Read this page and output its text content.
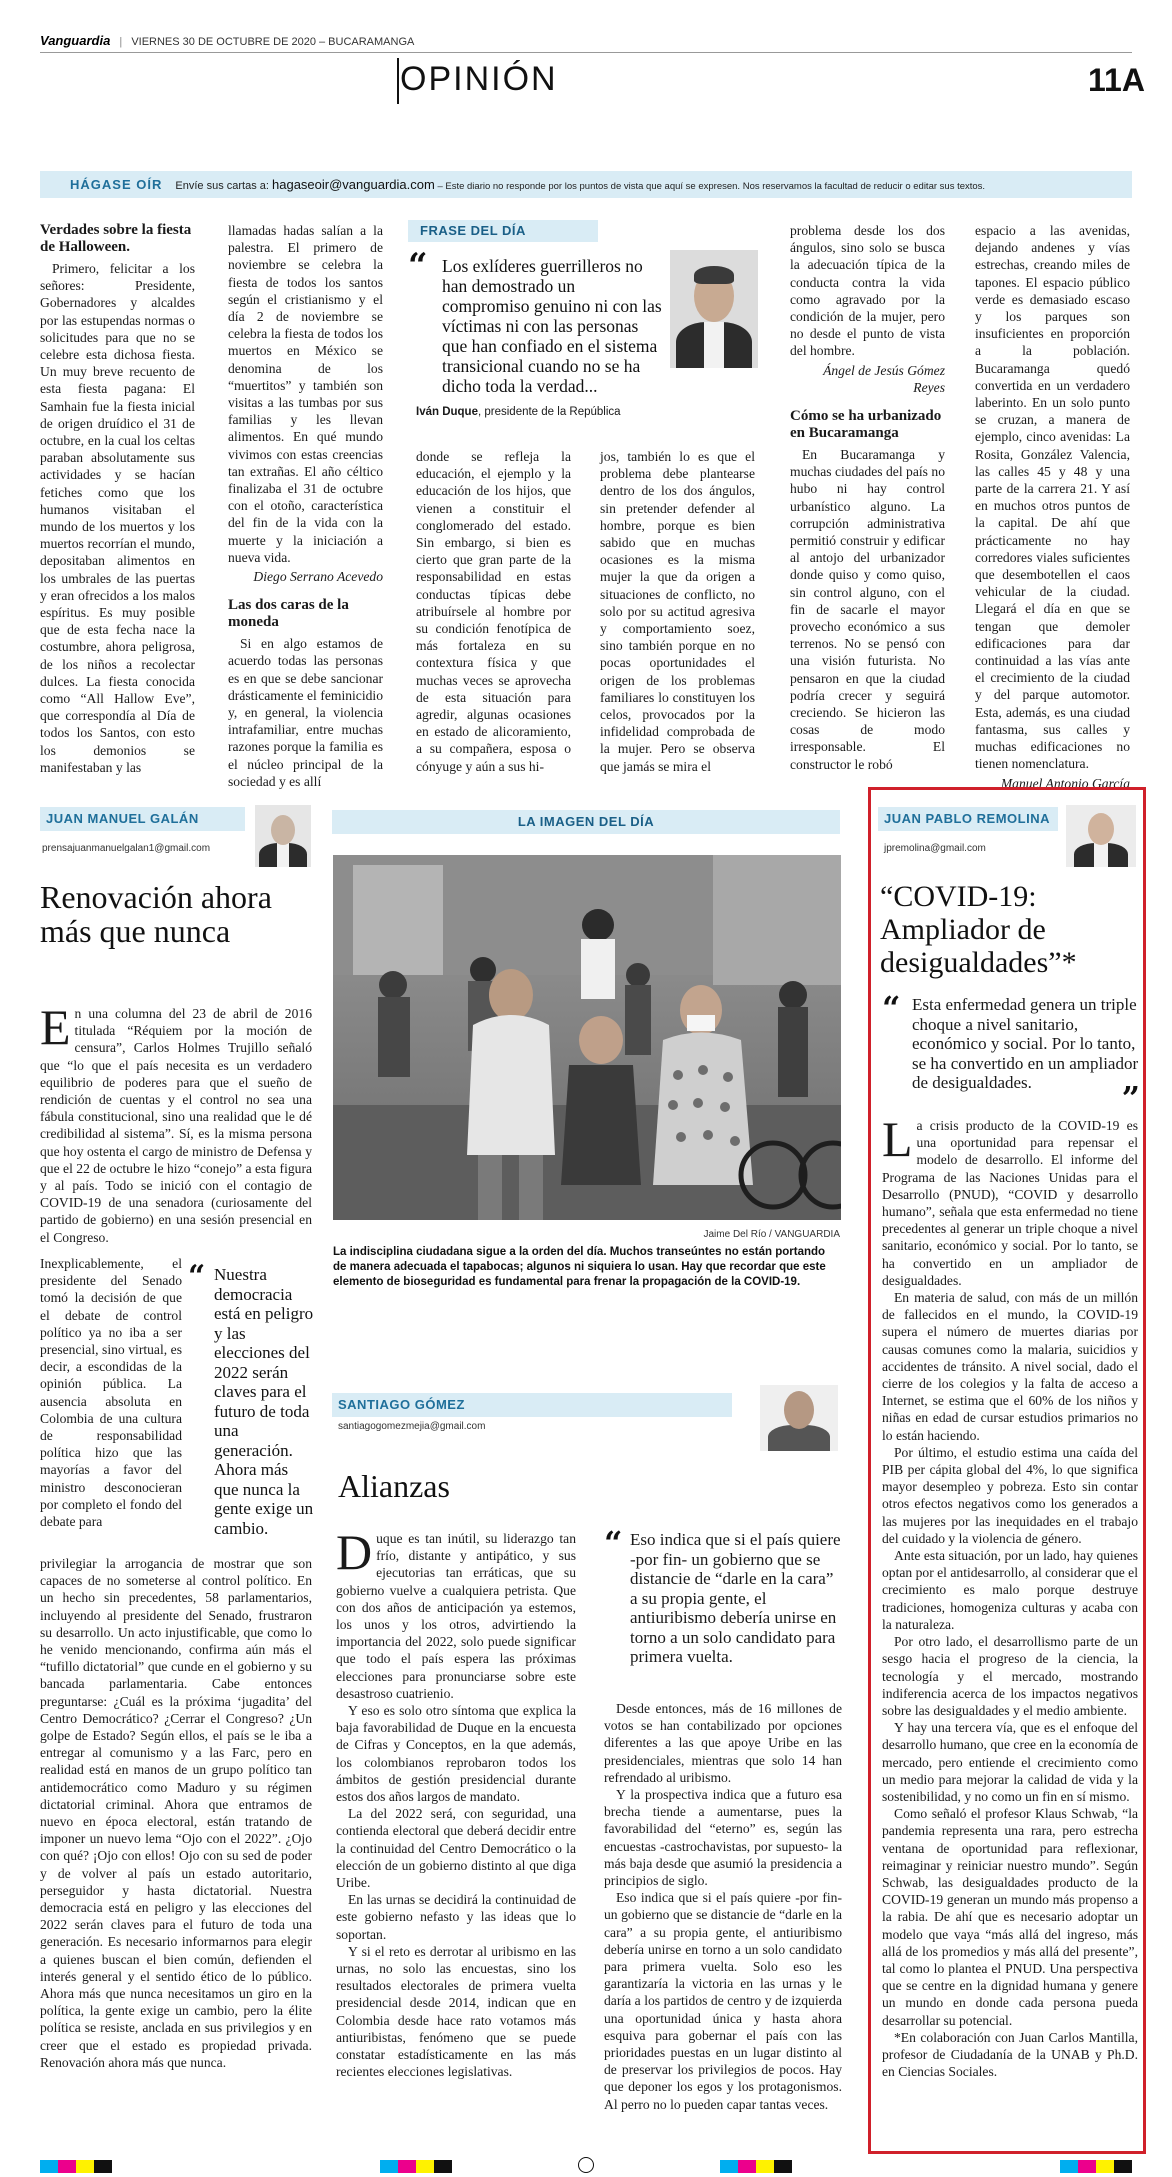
Vanguardia | VIERNES 30 DE OCTUBRE DE 2020 – BUCARAMANGA
OPINIÓN	11A
HÁGASE OÍR Envíe sus cartas a: hagaseoir@vanguardia.com – Este diario no responde por los puntos de vista que aquí se expresen. Nos reservamos la facultad de reducir o editar sus textos.
Verdades sobre la fiesta de Halloween.

Primero, felicitar a los señores: Presidente, Gobernadores y alcaldes por las estupendas normas o solicitudes para que no se celebre esta dichosa fiesta. Un muy breve recuento de esta fiesta pagana: El Samhain fue la fiesta inicial de origen druídico el 31 de octubre, en la cual los celtas paraban absolutamente sus actividades y se hacían fetiches como que los humanos visitaban el mundo de los muertos y los muertos recorrían el mundo, depositaban alimentos en los umbrales de las puertas y eran ofrecidos a los malos espíritus. Es muy posible que de esta fecha nace la costumbre, ahora peligrosa, de los niños a recolectar dulces. La fiesta conocida como “All Hallow Eve”, que correspondía al Día de todos los Santos, con esto los demonios se manifestaban y las

llamadas hadas salían a la palestra. El primero de noviembre se celebra la fiesta de todos los santos según el cristianismo y el día 2 de noviembre se celebra la fiesta de todos los muertos en México se denomina de los “muertitos” y también son visitas a las tumbas por sus familias y les llevan alimentos. En qué mundo vivimos con estas creencias tan extrañas. El año céltico finalizaba el 31 de octubre con el otoño, característica del fin de la vida con la muerte y la iniciación a nueva vida.

Diego Serrano Acevedo
Las dos caras de la moneda

Si en algo estamos de acuerdo todas las personas es en que se debe sancionar drásticamente el feminicidio y, en general, la violencia intrafamiliar, entre muchas razones porque la familia es el núcleo principal de la sociedad y es allí

FRASE DEL DÍA
“ Los exlíderes guerrilleros no han demostrado un compromiso genuino ni con las víctimas ni con las personas que han confiado en el sistema transicional cuando no se ha dicho toda la verdad...
Iván Duque, presidente de la República

donde se refleja la educación, el ejemplo y la educación de los hijos, que vienen a constituir el conglomerado del estado. Sin embargo, si bien es cierto que gran parte de la responsabilidad en estas conductas típicas debe atribuírsele al hombre por su condición fenotípica de más fortaleza en su contextura física y que muchas veces se aprovecha de esta situación para agredir, algunas ocasiones en estado de alicoramiento, a su compañera, esposa o cónyuge y aún a sus hi-

jos, también lo es que el problema debe plantearse dentro de los dos ángulos, sin pretender defender al hombre, porque es bien sabido que en muchas ocasiones es la misma mujer la que da origen a situaciones de conflicto, no solo por su actitud agresiva y comportamiento soez, sino también porque en no pocas oportunidades el origen de los problemas familiares lo constituyen los celos, provocados por la infidelidad comprobada de la mujer. Pero se observa que jamás se mira el

problema desde los dos ángulos, sino solo se busca la adecuación típica de la conducta contra la vida como agravado por la condición de la mujer, pero no desde el punto de vista del hombre.

Ángel de Jesús Gómez Reyes
Cómo se ha urbanizado en Bucaramanga

En Bucaramanga y muchas ciudades del país no hubo ni hay control urbanístico alguno. La corrupción administrativa permitió construir y edificar al antojo del urbanizador donde quiso y como quiso, sin control alguno, con el fin de sacarle el mayor provecho económico a sus terrenos. No se pensó con una visión futurista. No pensaron en que la ciudad podría crecer y seguirá creciendo. Se hicieron las cosas de modo irresponsable. El constructor le robó

espacio a las avenidas, dejando andenes y vías estrechas, creando miles de tapones. El espacio público verde es demasiado escaso y los parques son insuficientes en proporción a la población. Bucaramanga quedó convertida en un verdadero laberinto. En un solo punto se cruzan, a manera de ejemplo, cinco avenidas: La Rosita, González Valencia, las calles 45 y 48 y una parte de la carrera 21. Y así en muchos otros puntos de la capital. De ahí que prácticamente no hay corredores viales suficientes que desembotellen el caos vehicular de la ciudad. Llegará el día en que se tengan que demoler edificaciones para dar continuidad a las vías ante el crecimiento de la ciudad y del parque automotor. Esta, además, es una ciudad fantasma, sus calles y muchas edificaciones no tienen nomenclatura.

Manuel Antonio García
JUAN MANUEL GALÁN
prensajuanmanuelgalan1@gmail.com
Renovación ahora más que nunca

En una columna del 23 de abril de 2016 titulada “Réquiem por la moción de censura”, Carlos Holmes Trujillo señaló que “lo que el país necesita es un verdadero equilibrio de poderes para que el sueño de rendición de cuentas y el control no sea una fábula constitucional, sino una realidad que le dé credibilidad al sistema”. Sí, es la misma persona que hoy ostenta el cargo de ministro de Defensa y que el 22 de octubre le hizo “conejo” a esta figura y al país. Todo se inició con el contagio de COVID-19 de una senadora (curiosamente del partido de gobierno) en una sesión presencial en el Congreso.

Inexplicablemente, el presidente del Senado tomó la decisión de que el debate de control político ya no iba a ser presencial, sino virtual, es decir, a escondidas de la opinión pública. La ausencia absoluta en Colombia de una cultura de responsabilidad política hizo que las mayorías a favor del ministro desconocieran por completo el fondo del debate para

“ Nuestra democracia está en peligro y las elecciones del 2022 serán claves para el futuro de toda una generación. Ahora más que nunca la gente exige un cambio.

privilegiar la arrogancia de mostrar que son capaces de no someterse al control político. En un hecho sin precedentes, 58 parlamentarios, incluyendo al presidente del Senado, frustraron su desarrollo. Un acto injustificable, que como lo he venido mencionando, confirma aún más el “tufillo dictatorial” que cunde en el gobierno y su bancada parlamentaria. Cabe entonces preguntarse: ¿Cuál es la próxima ‘jugadita’ del Centro Democrático? ¿Cerrar el Congreso? ¿Un golpe de Estado? Según ellos, el país se le iba a entregar al comunismo y a las Farc, pero en realidad está en manos de un grupo político tan antidemocrático como Maduro y su régimen dictatorial criminal. Ahora que entramos de nuevo en época electoral, están tratando de imponer un nuevo lema “Ojo con el 2022”. ¿Ojo con qué? ¡Ojo con ellos! Ojo con su sed de poder y de volver al país un estado autoritario, perseguidor y hasta dictatorial. Nuestra democracia está en peligro y las elecciones del 2022 serán claves para el futuro de toda una generación. Es necesario informarnos para elegir a quienes buscan el bien común, defienden el interés general y el sentido ético de lo público. Ahora más que nunca necesitamos un giro en la política, la gente exige un cambio, pero la élite política se resiste, anclada en sus privilegios y en creer que el estado es propiedad privada. Renovación ahora más que nunca.

LA IMAGEN DEL DÍA
Jaime Del Río / VANGUARDIA
La indisciplina ciudadana sigue a la orden del día. Muchos transeúntes no están portando de manera adecuada el tapabocas; algunos ni siquiera lo usan. Hay que recordar que este elemento de bioseguridad es fundamental para frenar la propagación de la COVID-19.
SANTIAGO GÓMEZ
santiagogomezmejia@gmail.com
Alianzas

Duque es tan inútil, su liderazgo tan frío, distante y antipático, y sus ejecutorias tan erráticas, que su gobierno vuelve a cualquiera petrista. Que con dos años de anticipación ya estemos, los unos y los otros, advirtiendo la importancia del 2022, solo puede significar que todo el país espera las próximas elecciones para pronunciarse sobre este desastroso cuatrienio.

Y eso es solo otro síntoma que explica la baja favorabilidad de Duque en la encuesta de Cifras y Conceptos, en la que además, los colombianos reprobaron todos los ámbitos de gestión presidencial durante estos dos años largos de mandato.

La del 2022 será, con seguridad, una contienda electoral que deberá decidir entre la continuidad del Centro Democrático o la elección de un gobierno distinto al que diga Uribe.

En las urnas se decidirá la continuidad de este gobierno nefasto y las ideas que lo soportan.

Y si el reto es derrotar al uribismo en las urnas, no solo las encuestas, sino los resultados electorales de primera vuelta presidencial desde 2014, indican que en Colombia desde hace rato votamos más antiuribistas, fenómeno que se puede constatar estadísticamente en las más recientes elecciones legislativas.

“ Eso indica que si el país quiere -por fin- un gobierno que se distancie de “darle en la cara” a su propia gente, el antiuribismo debería unirse en torno a un solo candidato para primera vuelta.

Desde entonces, más de 16 millones de votos se han contabilizado por opciones diferentes a las que apoye Uribe en las presidenciales, mientras que solo 14 han refrendado al uribismo.

Y la prospectiva indica que a futuro esa brecha tiende a aumentarse, pues la favorabilidad del “eterno” es, según las encuestas -castrochavistas, por supuesto- la más baja desde que asumió la presidencia a principios de siglo.

Eso indica que si el país quiere -por fin- un gobierno que se distancie de “darle en la cara” a su propia gente, el antiuribismo debería unirse en torno a un solo candidato para primera vuelta. Solo eso les garantizaría la victoria en las urnas y le daría a los partidos de centro y de izquierda una oportunidad única y hasta ahora esquiva para gobernar el país con las prioridades puestas en un lugar distinto al de preservar los privilegios de pocos. Hay que deponer los egos y los protagonismos. Al perro no lo pueden capar tantas veces.

JUAN PABLO REMOLINA
jpremolina@gmail.com
“COVID-19: Ampliador de desigualdades”*
“ Esta enfermedad genera un triple choque a nivel sanitario, económico y social. Por lo tanto, se ha convertido en un ampliador de desigualdades.	”

La crisis producto de la COVID-19 es una oportunidad para repensar el modelo de desarrollo. El informe del Programa de las Naciones Unidas para el Desarrollo (PNUD), “COVID y desarrollo humano”, señala que esta enfermedad no tiene precedentes al generar un triple choque a nivel sanitario, económico y social. Por lo tanto, se ha convertido en un ampliador de desigualdades.

En materia de salud, con más de un millón de fallecidos en el mundo, la COVID-19 supera el número de muertes diarias por causas comunes como la malaria, suicidios y accidentes de tránsito. A nivel social, dado el cierre de los colegios y la falta de acceso a Internet, se estima que el 60% de los niños y niñas en edad de cursar estudios primarios no lo están haciendo.

Por último, el estudio estima una caída del PIB per cápita global del 4%, lo que significa mayor desempleo y pobreza. Esto sin contar otros efectos negativos como los generados a las mujeres por las inequidades en el trabajo del cuidado y la violencia de género.

Ante esta situación, por un lado, hay quienes optan por el antidesarrollo, al considerar que el crecimiento es malo porque destruye tradiciones, homogeniza culturas y acaba con la naturaleza.

Por otro lado, el desarrollismo parte de un sesgo hacia el progreso de la ciencia, la tecnología y el mercado, mostrando indiferencia acerca de los impactos negativos sobre las desigualdades y el medio ambiente.

Y hay una tercera vía, que es el enfoque del desarrollo humano, que cree en la economía de mercado, pero entiende el crecimiento como un medio para mejorar la calidad de vida y la sostenibilidad, y no como un fin en sí mismo.

Como señaló el profesor Klaus Schwab, “la pandemia representa una rara, pero estrecha ventana de oportunidad para reflexionar, reimaginar y reiniciar nuestro mundo”. Según Schwab, las desigualdades producto de la COVID-19 generan un mundo más propenso a la rabia. De ahí que es necesario adoptar un modelo que vaya “más allá del ingreso, más allá de los promedios y más allá del presente”, tal como lo plantea el PNUD. Una perspectiva que se centre en la dignidad humana y genere un mundo en donde cada persona pueda desarrollar su potencial.

*En colaboración con Juan Carlos Mantilla, profesor de Ciudadanía de la UNAB y Ph.D. en Ciencias Sociales.
